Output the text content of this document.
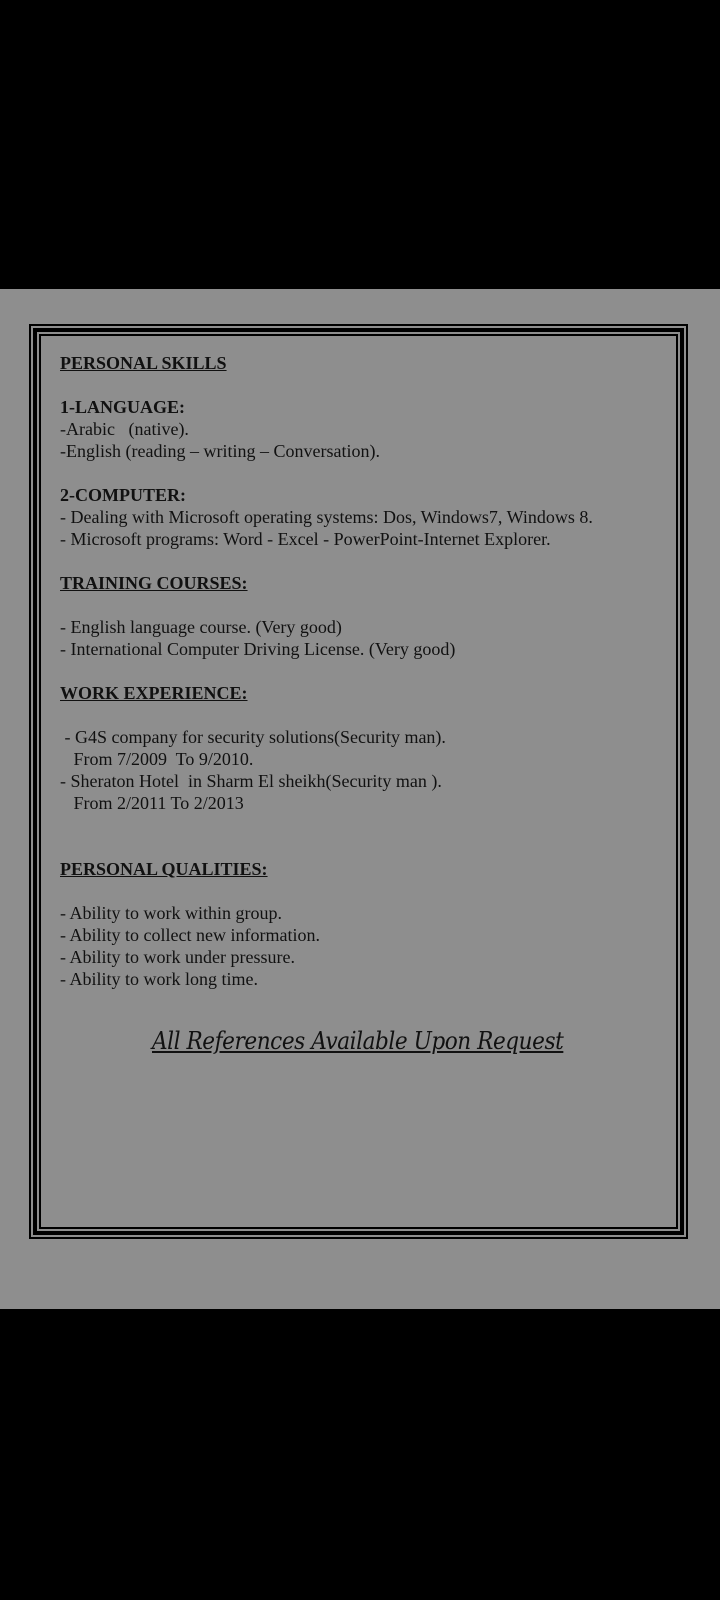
PERSONAL SKILLS
1-LANGUAGE:
-Arabic   (native).
-English (reading – writing – Conversation).
2-COMPUTER:
- Dealing with Microsoft operating systems: Dos, Windows7, Windows 8.
- Microsoft programs: Word - Excel - PowerPoint-Internet Explorer.
TRAINING COURSES:
- English language course. (Very good)
- International Computer Driving License. (Very good)
WORK EXPERIENCE:
- G4S company for security solutions(Security man).
From 7/2009  To 9/2010.
- Sheraton Hotel  in Sharm El sheikh(Security man ).
From 2/2011 To 2/2013
PERSONAL QUALITIES:
- Ability to work within group.
- Ability to collect new information.
- Ability to work under pressure.
- Ability to work long time.
All References Available Upon Request
